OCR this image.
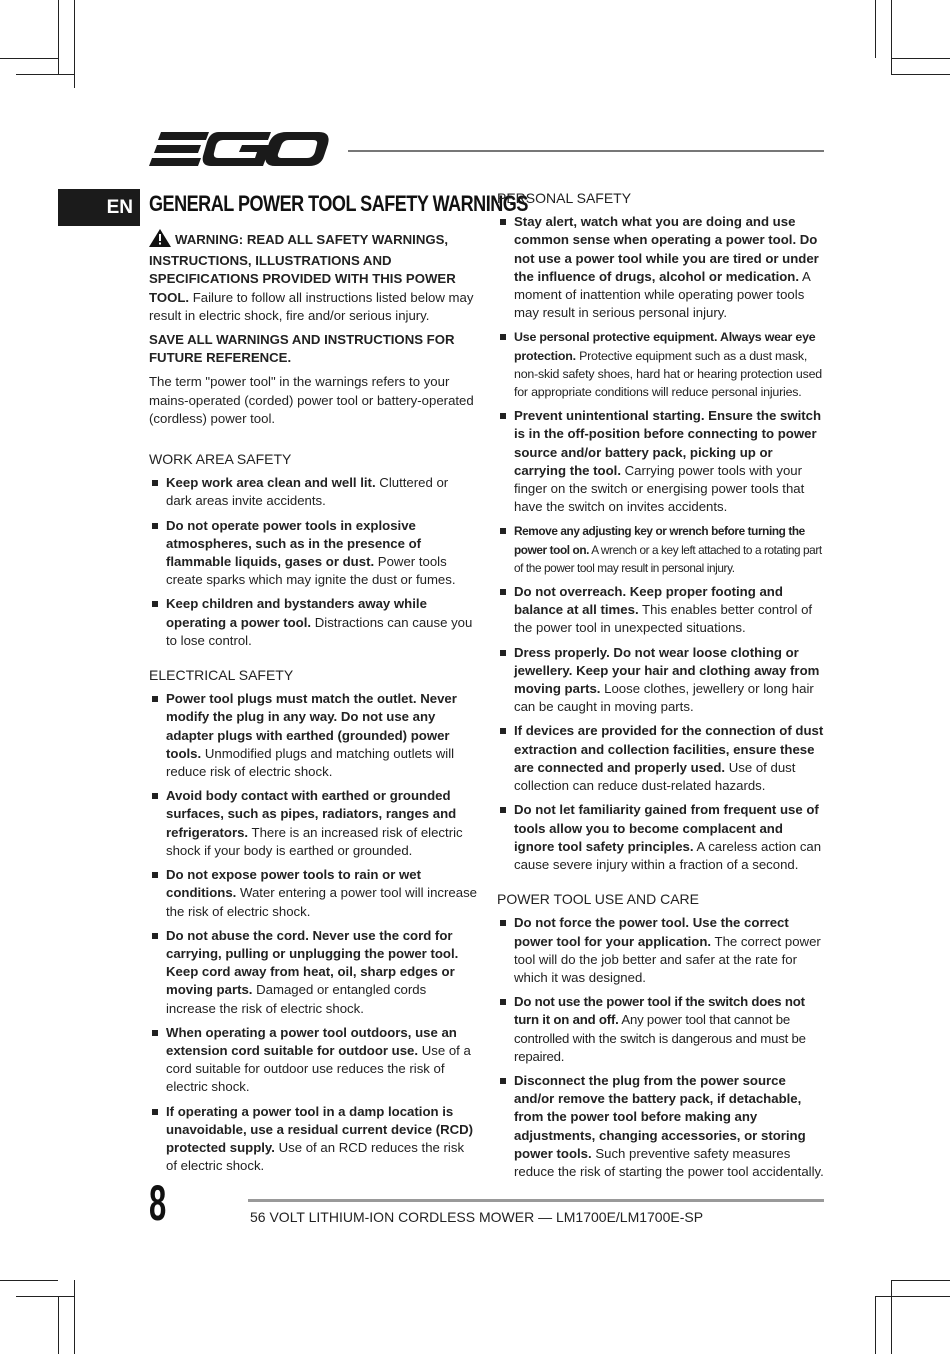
EN GENERAL POWER TOOL SAFETY WARNINGS

WARNING: READ ALL SAFETY WARNINGS, INSTRUCTIONS, ILLUSTRATIONS AND SPECIFICATIONS PROVIDED WITH THIS POWER TOOL. Failure to follow all instructions listed below may result in electric shock, fire and/or serious injury.

SAVE ALL WARNINGS AND INSTRUCTIONS FOR FUTURE REFERENCE.

The term "power tool" in the warnings refers to your mains-operated (corded) power tool or battery-operated (cordless) power tool.

WORK AREA SAFETY
Keep work area clean and well lit. Cluttered or dark areas invite accidents.
Do not operate power tools in explosive atmospheres, such as in the presence of flammable liquids, gases or dust. Power tools create sparks which may ignite the dust or fumes.
Keep children and bystanders away while operating a power tool. Distractions can cause you to lose control.
ELECTRICAL SAFETY
Power tool plugs must match the outlet. Never modify the plug in any way. Do not use any adapter plugs with earthed (grounded) power tools. Unmodified plugs and matching outlets will reduce risk of electric shock.
Avoid body contact with earthed or grounded surfaces, such as pipes, radiators, ranges and refrigerators. There is an increased risk of electric shock if your body is earthed or grounded.
Do not expose power tools to rain or wet conditions. Water entering a power tool will increase the risk of electric shock.
Do not abuse the cord. Never use the cord for carrying, pulling or unplugging the power tool. Keep cord away from heat, oil, sharp edges or moving parts. Damaged or entangled cords increase the risk of electric shock.
When operating a power tool outdoors, use an extension cord suitable for outdoor use. Use of a cord suitable for outdoor use reduces the risk of electric shock.
If operating a power tool in a damp location is unavoidable, use a residual current device (RCD) protected supply. Use of an RCD reduces the risk of electric shock.
PERSONAL SAFETY
Stay alert, watch what you are doing and use common sense when operating a power tool. Do not use a power tool while you are tired or under the influence of drugs, alcohol or medication. A moment of inattention while operating power tools may result in serious personal injury.
Use personal protective equipment. Always wear eye protection. Protective equipment such as a dust mask, non-skid safety shoes, hard hat or hearing protection used for appropriate conditions will reduce personal injuries.
Prevent unintentional starting. Ensure the switch is in the off-position before connecting to power source and/or battery pack, picking up or carrying the tool. Carrying power tools with your finger on the switch or energising power tools that have the switch on invites accidents.
Remove any adjusting key or wrench before turning the power tool on. A wrench or a key left attached to a rotating part of the power tool may result in personal injury.
Do not overreach. Keep proper footing and balance at all times. This enables better control of the power tool in unexpected situations.
Dress properly. Do not wear loose clothing or jewellery. Keep your hair and clothing away from moving parts. Loose clothes, jewellery or long hair can be caught in moving parts.
If devices are provided for the connection of dust extraction and collection facilities, ensure these are connected and properly used. Use of dust collection can reduce dust-related hazards.
Do not let familiarity gained from frequent use of tools allow you to become complacent and ignore tool safety principles. A careless action can cause severe injury within a fraction of a second.
POWER TOOL USE AND CARE
Do not force the power tool. Use the correct power tool for your application. The correct power tool will do the job better and safer at the rate for which it was designed.
Do not use the power tool if the switch does not turn it on and off. Any power tool that cannot be controlled with the switch is dangerous and must be repaired.
Disconnect the plug from the power source and/or remove the battery pack, if detachable, from the power tool before making any adjustments, changing accessories, or storing power tools. Such preventive safety measures reduce the risk of starting the power tool accidentally.
8	56 VOLT LITHIUM-ION CORDLESS MOWER — LM1700E/LM1700E-SP
